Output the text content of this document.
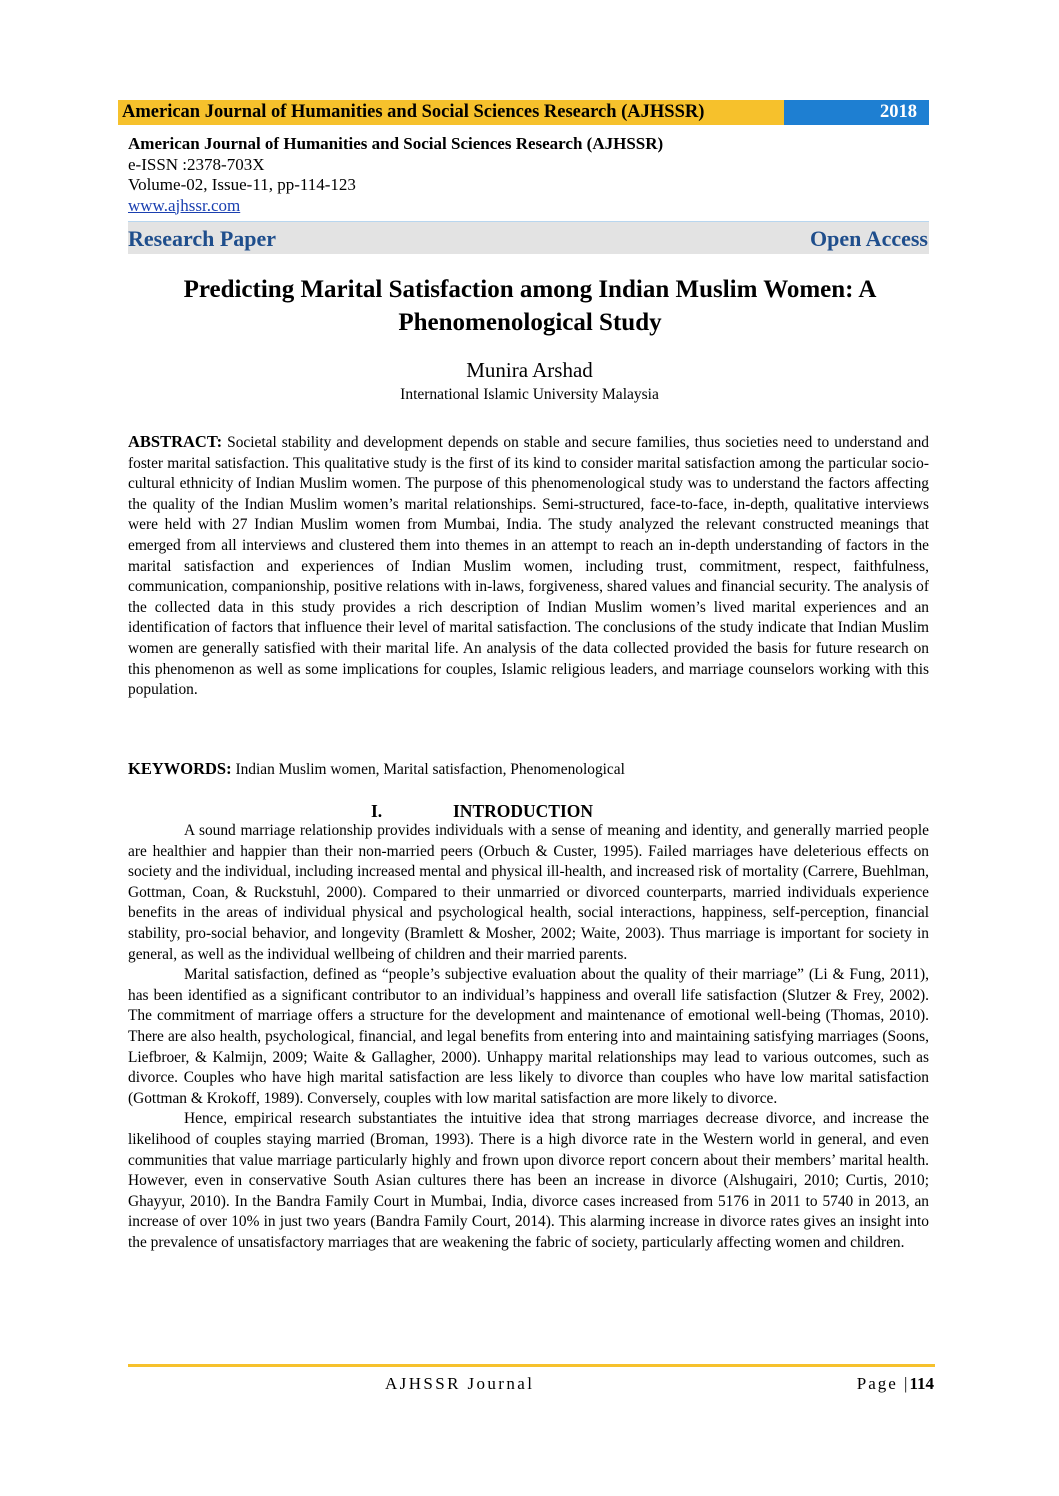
American Journal of Humanities and Social Sciences Research (AJHSSR)	2018
American Journal of Humanities and Social Sciences Research (AJHSSR)
e-ISSN :2378-703X
Volume-02, Issue-11, pp-114-123
www.ajhssr.com
Research Paper	Open Access
Predicting Marital Satisfaction among Indian Muslim Women: A
Phenomenological Study
Munira Arshad
International Islamic University Malaysia
ABSTRACT: Societal stability and development depends on stable and secure families, thus societies need to understand and foster marital satisfaction. This qualitative study is the first of its kind to consider marital satisfaction among the particular socio-cultural ethnicity of Indian Muslim women. The purpose of this phenomenological study was to understand the factors affecting the quality of the Indian Muslim women’s marital relationships. Semi-structured, face-to-face, in-depth, qualitative interviews were held with 27 Indian Muslim women from Mumbai, India. The study analyzed the relevant constructed meanings that emerged from all interviews and clustered them into themes in an attempt to reach an in-depth understanding of factors in the marital satisfaction and experiences of Indian Muslim women, including trust, commitment, respect, faithfulness, communication, companionship, positive relations with in-laws, forgiveness, shared values and financial security. The analysis of the collected data in this study provides a rich description of Indian Muslim women’s lived marital experiences and an identification of factors that influence their level of marital satisfaction. The conclusions of the study indicate that Indian Muslim women are generally satisfied with their marital life. An analysis of the data collected provided the basis for future research on this phenomenon as well as some implications for couples, Islamic religious leaders, and marriage counselors working with this population.
KEYWORDS: Indian Muslim women, Marital satisfaction, Phenomenological
I.	INTRODUCTION

A sound marriage relationship provides individuals with a sense of meaning and identity, and generally married people are healthier and happier than their non-married peers (Orbuch & Custer, 1995). Failed marriages have deleterious effects on society and the individual, including increased mental and physical ill-health, and increased risk of mortality (Carrere, Buehlman, Gottman, Coan, & Ruckstuhl, 2000). Compared to their unmarried or divorced counterparts, married individuals experience benefits in the areas of individual physical and psychological health, social interactions, happiness, self-perception, financial stability, pro-social behavior, and longevity (Bramlett & Mosher, 2002; Waite, 2003). Thus marriage is important for society in general, as well as the individual wellbeing of children and their married parents.

Marital satisfaction, defined as “people’s subjective evaluation about the quality of their marriage” (Li & Fung, 2011), has been identified as a significant contributor to an individual’s happiness and overall life satisfaction (Slutzer & Frey, 2002). The commitment of marriage offers a structure for the development and maintenance of emotional well-being (Thomas, 2010). There are also health, psychological, financial, and legal benefits from entering into and maintaining satisfying marriages (Soons, Liefbroer, & Kalmijn, 2009; Waite & Gallagher, 2000). Unhappy marital relationships may lead to various outcomes, such as divorce. Couples who have high marital satisfaction are less likely to divorce than couples who have low marital satisfaction (Gottman & Krokoff, 1989). Conversely, couples with low marital satisfaction are more likely to divorce.

Hence, empirical research substantiates the intuitive idea that strong marriages decrease divorce, and increase the likelihood of couples staying married (Broman, 1993). There is a high divorce rate in the Western world in general, and even communities that value marriage particularly highly and frown upon divorce report concern about their members’ marital health. However, even in conservative South Asian cultures there has been an increase in divorce (Alshugairi, 2010; Curtis, 2010; Ghayyur, 2010). In the Bandra Family Court in Mumbai, India, divorce cases increased from 5176 in 2011 to 5740 in 2013, an increase of over 10% in just two years (Bandra Family Court, 2014). This alarming increase in divorce rates gives an insight into the prevalence of unsatisfactory marriages that are weakening the fabric of society, particularly affecting women and children.

AJHSSR Journal	Page |114
